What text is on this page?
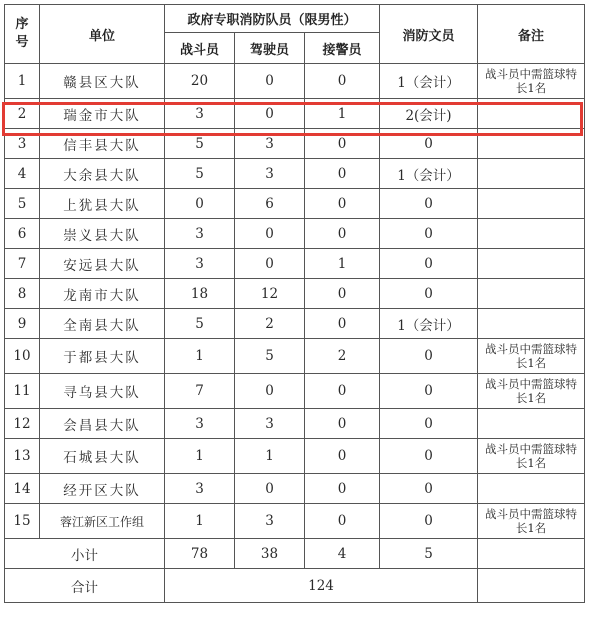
序号	单位	政府专职消防队员（限男性）			消防文员	备注
		战斗员	驾驶员	接警员		
1	赣县区大队	20	0	0	1（会计）	战斗员中需篮球特长1名
2	瑞金市大队	3	0	1	2(会计)	
3	信丰县大队	5	3	0	0	
4	大余县大队	5	3	0	1（会计）	
5	上犹县大队	0	6	0	0	
6	崇义县大队	3	0	0	0	
7	安远县大队	3	0	1	0	
8	龙南市大队	18	12	0	0	
9	全南县大队	5	2	0	1（会计）	
10	于都县大队	1	5	2	0	战斗员中需篮球特长1名
11	寻乌县大队	7	0	0	0	战斗员中需篮球特长1名
12	会昌县大队	3	3	0	0	
13	石城县大队	1	1	0	0	战斗员中需篮球特长1名
14	经开区大队	3	0	0	0	
15	蓉江新区工作组	1	3	0	0	战斗员中需篮球特长1名
小计		78	38	4	5	
合计		124				
